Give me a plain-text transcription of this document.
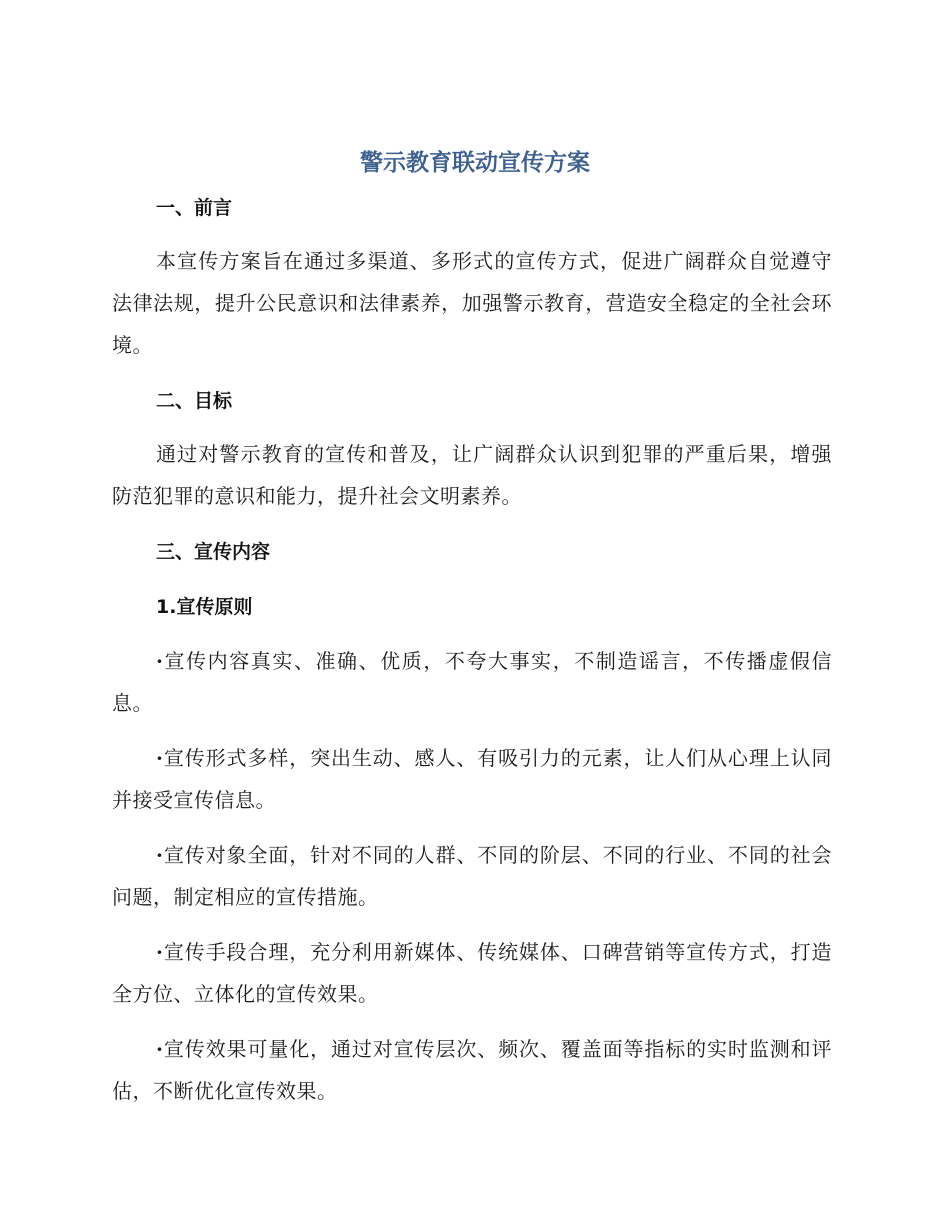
警示教育联动宣传方案
一、前言
本宣传方案旨在通过多渠道、多形式的宣传方式，促进广阔群众自觉遵守法律法规，提升公民意识和法律素养，加强警示教育，营造安全稳定的全社会环境。
二、目标
通过对警示教育的宣传和普及，让广阔群众认识到犯罪的严重后果，增强防范犯罪的意识和能力，提升社会文明素养。
三、宣传内容
1.宣传原则
·宣传内容真实、准确、优质，不夸大事实，不制造谣言，不传播虚假信息。
·宣传形式多样，突出生动、感人、有吸引力的元素，让人们从心理上认同并接受宣传信息。
·宣传对象全面，针对不同的人群、不同的阶层、不同的行业、不同的社会问题，制定相应的宣传措施。
·宣传手段合理，充分利用新媒体、传统媒体、口碑营销等宣传方式，打造全方位、立体化的宣传效果。
·宣传效果可量化，通过对宣传层次、频次、覆盖面等指标的实时监测和评估，不断优化宣传效果。
